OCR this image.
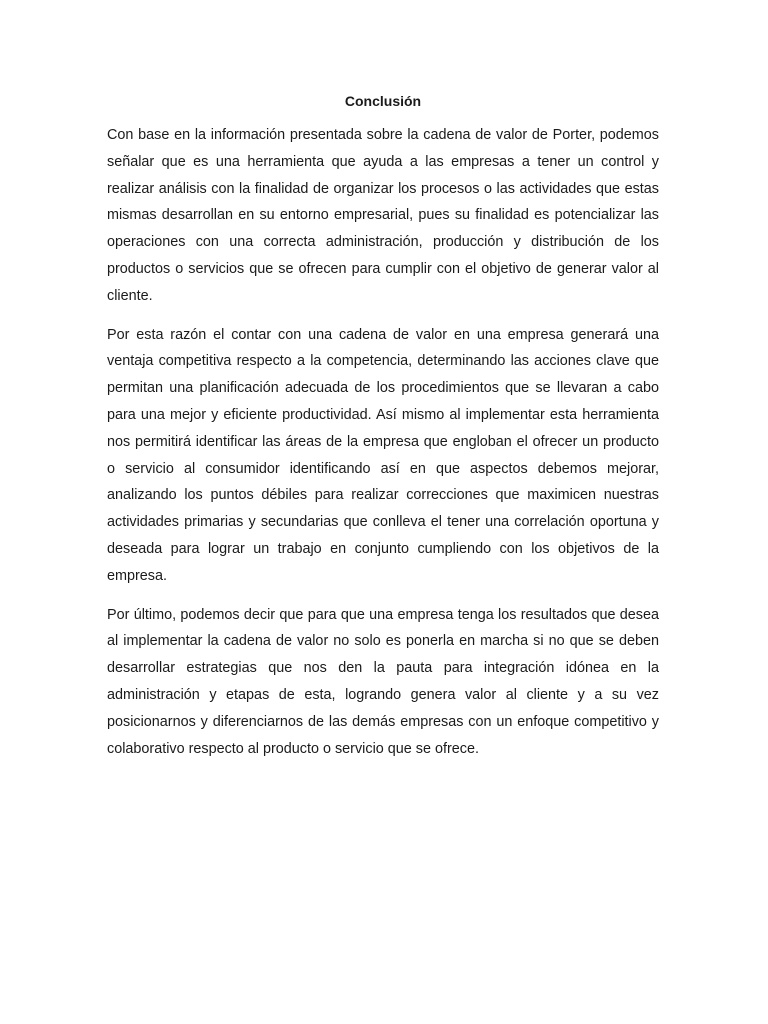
Conclusión

Con base en la información presentada sobre la cadena de valor de Porter, podemos señalar que es una herramienta que ayuda a las empresas a tener un control y realizar análisis con la finalidad de organizar los procesos o las actividades que estas mismas desarrollan en su entorno empresarial, pues su finalidad es potencializar las operaciones con una correcta administración, producción y distribución de los productos o servicios que se ofrecen para cumplir con el objetivo de generar valor al cliente.

Por esta razón el contar con una cadena de valor en una empresa generará una ventaja competitiva respecto a la competencia, determinando las acciones clave que permitan una planificación adecuada de los procedimientos que se llevaran a cabo para una mejor y eficiente productividad. Así mismo al implementar esta herramienta nos permitirá identificar las áreas de la empresa que engloban el ofrecer un producto o servicio al consumidor identificando así en que aspectos debemos mejorar, analizando los puntos débiles para realizar correcciones que maximicen nuestras actividades primarias y secundarias que conlleva el tener una correlación oportuna y deseada para lograr un trabajo en conjunto cumpliendo con los objetivos de la empresa.

Por último, podemos decir que para que una empresa tenga los resultados que desea al implementar la cadena de valor no solo es ponerla en marcha si no que se deben desarrollar estrategias que nos den la pauta para integración idónea en la administración y etapas de esta, logrando genera valor al cliente y a su vez posicionarnos y diferenciarnos de las demás empresas con un enfoque competitivo y colaborativo respecto al producto o servicio que se ofrece.
